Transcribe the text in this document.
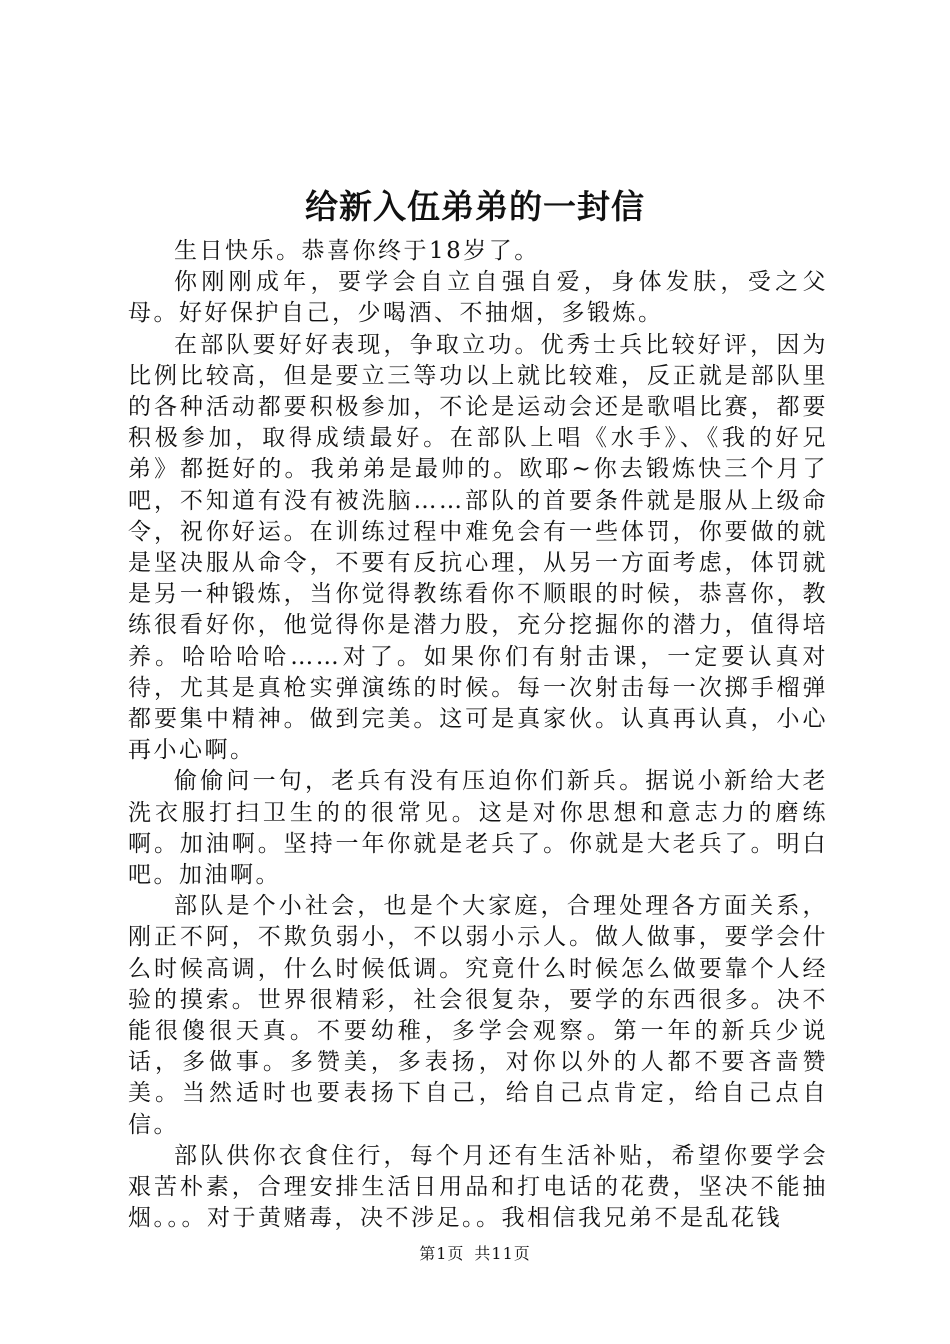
给新入伍弟弟的一封信

生日快乐。恭喜你终于18岁了。

你刚刚成年，要学会自立自强自爱，身体发肤，受之父母。好好保护自己，少喝酒、不抽烟，多锻炼。

在部队要好好表现，争取立功。优秀士兵比较好评，因为比例比较高，但是要立三等功以上就比较难，反正就是部队里的各种活动都要积极参加，不论是运动会还是歌唱比赛，都要积极参加，取得成绩最好。在部队上唱《水手》、《我的好兄弟》都挺好的。我弟弟是最帅的。欧耶~你去锻炼快三个月了吧，不知道有没有被洗脑……部队的首要条件就是服从上级命令，祝你好运。在训练过程中难免会有一些体罚，你要做的就是坚决服从命令，不要有反抗心理，从另一方面考虑，体罚就是另一种锻炼，当你觉得教练看你不顺眼的时候，恭喜你，教练很看好你，他觉得你是潜力股，充分挖掘你的潜力，值得培养。哈哈哈哈……对了。如果你们有射击课，一定要认真对待，尤其是真枪实弹演练的时候。每一次射击每一次掷手榴弹都要集中精神。做到完美。这可是真家伙。认真再认真，小心再小心啊。

偷偷问一句，老兵有没有压迫你们新兵。据说小新给大老洗衣服打扫卫生的的很常见。这是对你思想和意志力的磨练啊。加油啊。坚持一年你就是老兵了。你就是大老兵了。明白吧。加油啊。

部队是个小社会，也是个大家庭，合理处理各方面关系，刚正不阿，不欺负弱小，不以弱小示人。做人做事，要学会什么时候高调，什么时候低调。究竟什么时候怎么做要靠个人经验的摸索。世界很精彩，社会很复杂，要学的东西很多。决不能很傻很天真。不要幼稚，多学会观察。第一年的新兵少说话，多做事。多赞美，多表扬，对你以外的人都不要吝啬赞美。当然适时也要表扬下自己，给自己点肯定，给自己点自信。

部队供你衣食住行，每个月还有生活补贴，希望你要学会艰苦朴素，合理安排生活日用品和打电话的花费，坚决不能抽烟。。。对于黄赌毒，决不涉足。。我相信我兄弟不是乱花钱

第1页 共11页
